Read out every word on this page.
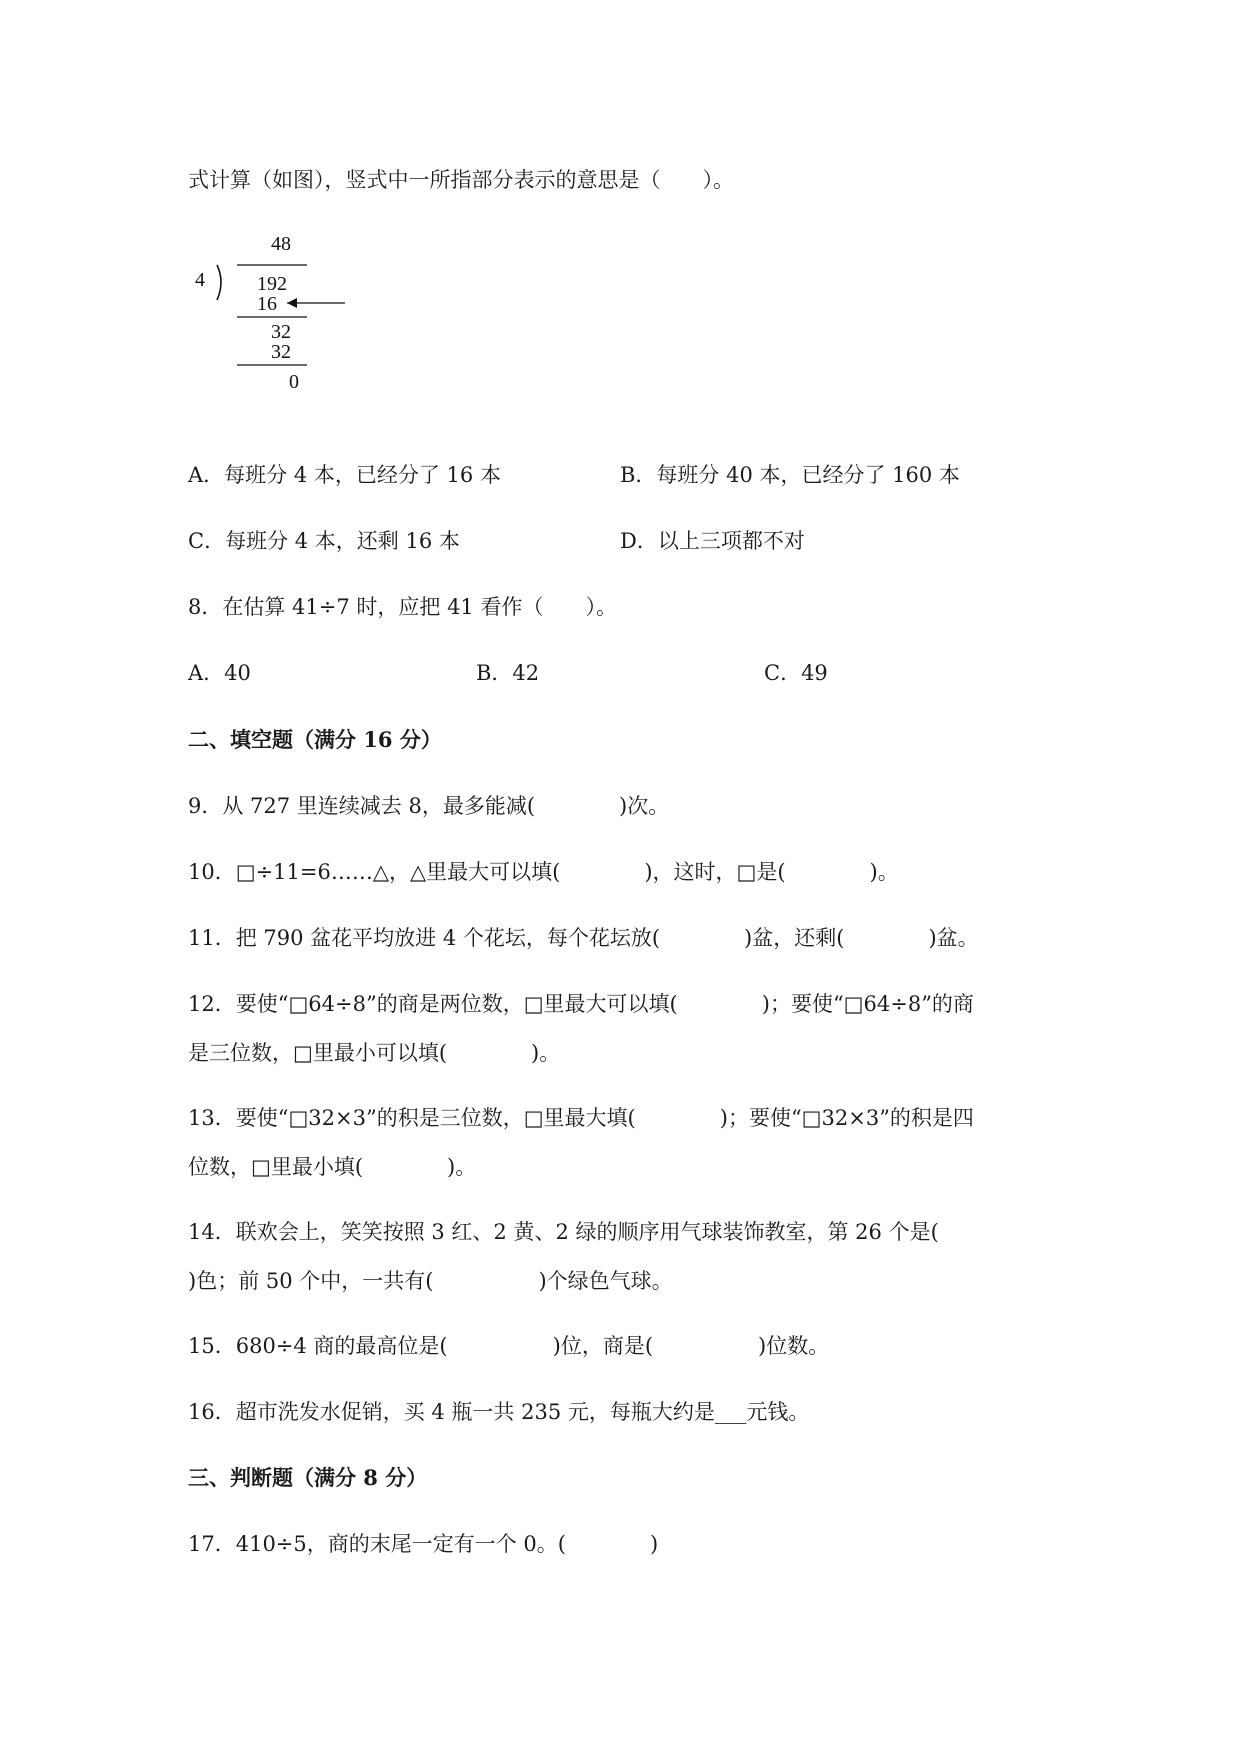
式计算（如图），竖式中一所指部分表示的意思是（　　）。
48
4	192
16
32
32
0
A．每班分 4 本，已经分了 16 本	B．每班分 40 本，已经分了 160 本
C．每班分 4 本，还剩 16 本	D．以上三项都不对
8．在估算 41÷7 时，应把 41 看作（　　）。
A．40	B．42	C．49
二、填空题（满分 16 分）
9．从 727 里连续减去 8，最多能减(　　　　)次。
10．□÷11=6……△，△里最大可以填(　　　　)，这时，□是(　　　　)。
11．把 790 盆花平均放进 4 个花坛，每个花坛放(　　　　)盆，还剩(　　　　)盆。
12．要使“□64÷8”的商是两位数，□里最大可以填(　　　　)；要使“□64÷8”的商
是三位数，□里最小可以填(　　　　)。
13．要使“□32×3”的积是三位数，□里最大填(　　　　)；要使“□32×3”的积是四
位数，□里最小填(　　　　)。
14．联欢会上，笑笑按照 3 红、2 黄、2 绿的顺序用气球装饰教室，第 26 个是(
)色；前 50 个中，一共有(　　　　　)个绿色气球。
15．680÷4 商的最高位是(　　　　　)位，商是(　　　　　)位数。
16．超市洗发水促销，买 4 瓶一共 235 元，每瓶大约是___元钱。
三、判断题（满分 8 分）
17．410÷5，商的末尾一定有一个 0。(　　　　)
